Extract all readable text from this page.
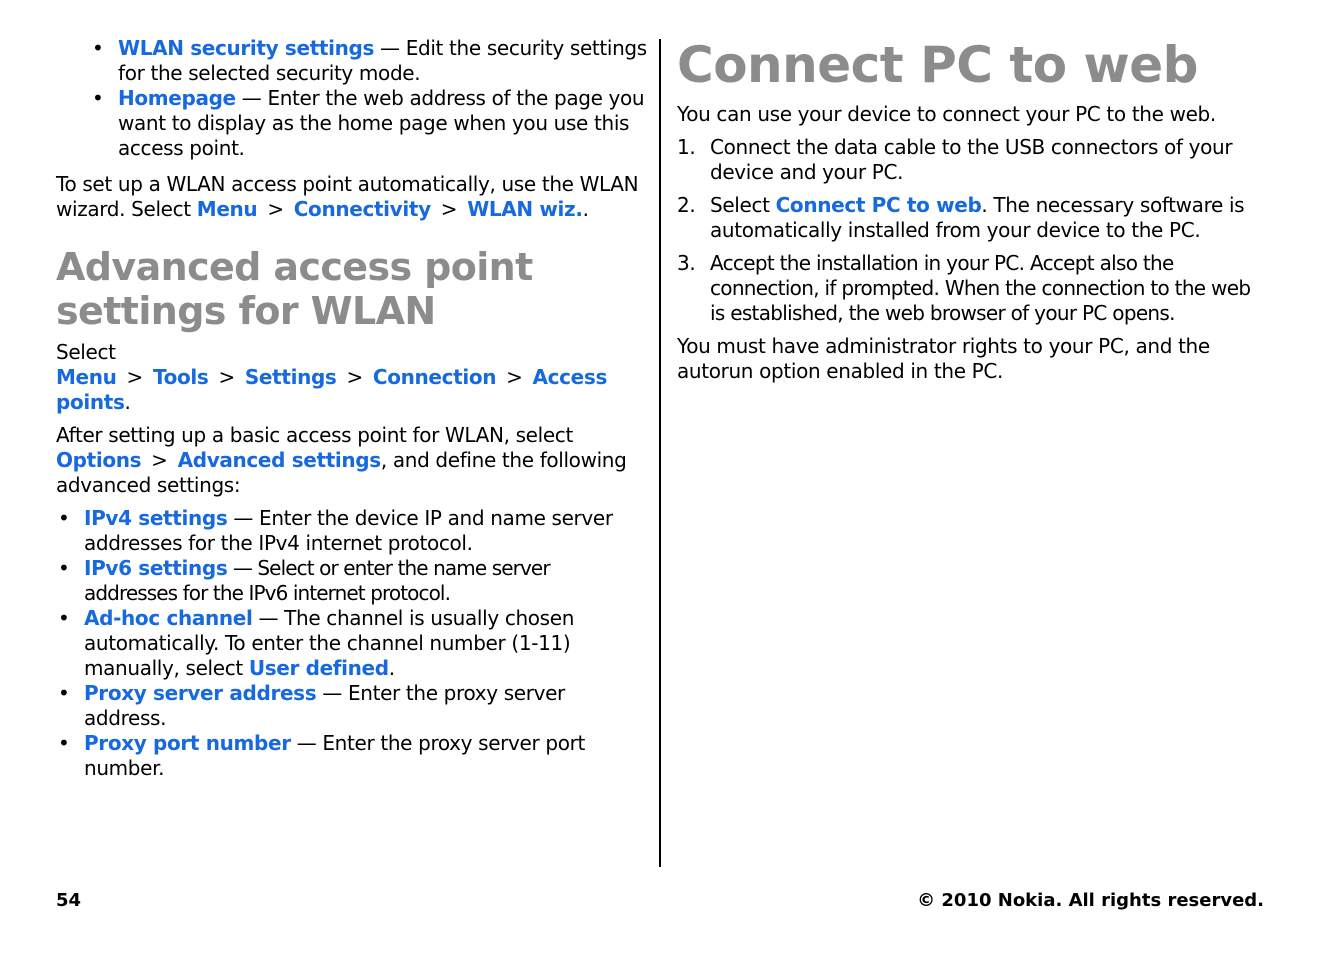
• WLAN security settings — Edit the security settings for the selected security mode.
• Homepage — Enter the web address of the page you want to display as the home page when you use this access point.

To set up a WLAN access point automatically, use the WLAN wizard. Select Menu > Connectivity > WLAN wiz..

Advanced access point settings for WLAN

Select Menu > Tools > Settings > Connection > Access points.

After setting up a basic access point for WLAN, select Options > Advanced settings, and define the following advanced settings:

• IPv4 settings — Enter the device IP and name server addresses for the IPv4 internet protocol.
• IPv6 settings — Select or enter the name server addresses for the IPv6 internet protocol.
• Ad-hoc channel — The channel is usually chosen automatically. To enter the channel number (1-11) manually, select User defined.
• Proxy server address — Enter the proxy server address.
• Proxy port number — Enter the proxy server port number.
Connect PC to web

You can use your device to connect your PC to the web.

1. Connect the data cable to the USB connectors of your device and your PC.
2. Select Connect PC to web. The necessary software is automatically installed from your device to the PC.
3. Accept the installation in your PC. Accept also the connection, if prompted. When the connection to the web is established, the web browser of your PC opens.

You must have administrator rights to your PC, and the autorun option enabled in the PC.

54	© 2010 Nokia. All rights reserved.
